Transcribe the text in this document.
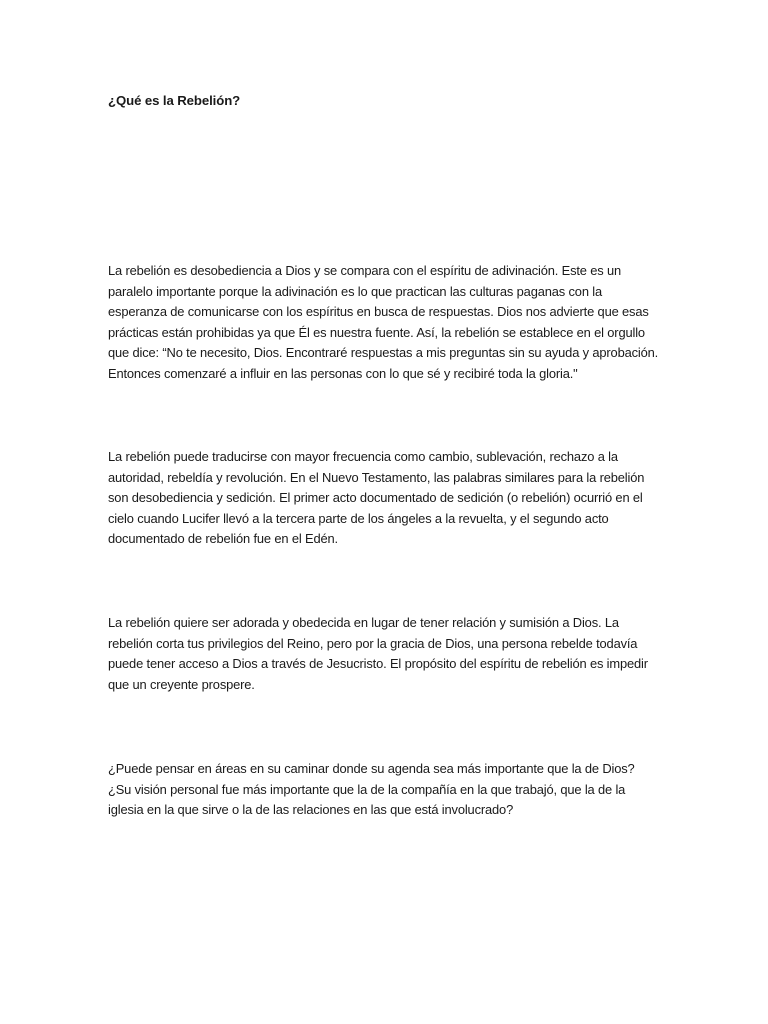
¿Qué es la Rebelión?

La rebelión es desobediencia a Dios y se compara con el espíritu de adivinación. Este es un paralelo importante porque la adivinación es lo que practican las culturas paganas con la esperanza de comunicarse con los espíritus en busca de respuestas. Dios nos advierte que esas prácticas están prohibidas ya que Él es nuestra fuente. Así, la rebelión se establece en el orgullo que dice: “No te necesito, Dios. Encontraré respuestas a mis preguntas sin su ayuda y aprobación. Entonces comenzaré a influir en las personas con lo que sé y recibiré toda la gloria."

La rebelión puede traducirse con mayor frecuencia como cambio, sublevación, rechazo a la autoridad, rebeldía y revolución. En el Nuevo Testamento, las palabras similares para la rebelión son desobediencia y sedición. El primer acto documentado de sedición (o rebelión) ocurrió en el cielo cuando Lucifer llevó a la tercera parte de los ángeles a la revuelta, y el segundo acto documentado de rebelión fue en el Edén.

La rebelión quiere ser adorada y obedecida en lugar de tener relación y sumisión a Dios. La rebelión corta tus privilegios del Reino, pero por la gracia de Dios, una persona rebelde todavía puede tener acceso a Dios a través de Jesucristo. El propósito del espíritu de rebelión es impedir que un creyente prospere.

¿Puede pensar en áreas en su caminar donde su agenda sea más importante que la de Dios? ¿Su visión personal fue más importante que la de la compañía en la que trabajó, que la de la iglesia en la que sirve o la de las relaciones en las que está involucrado?
